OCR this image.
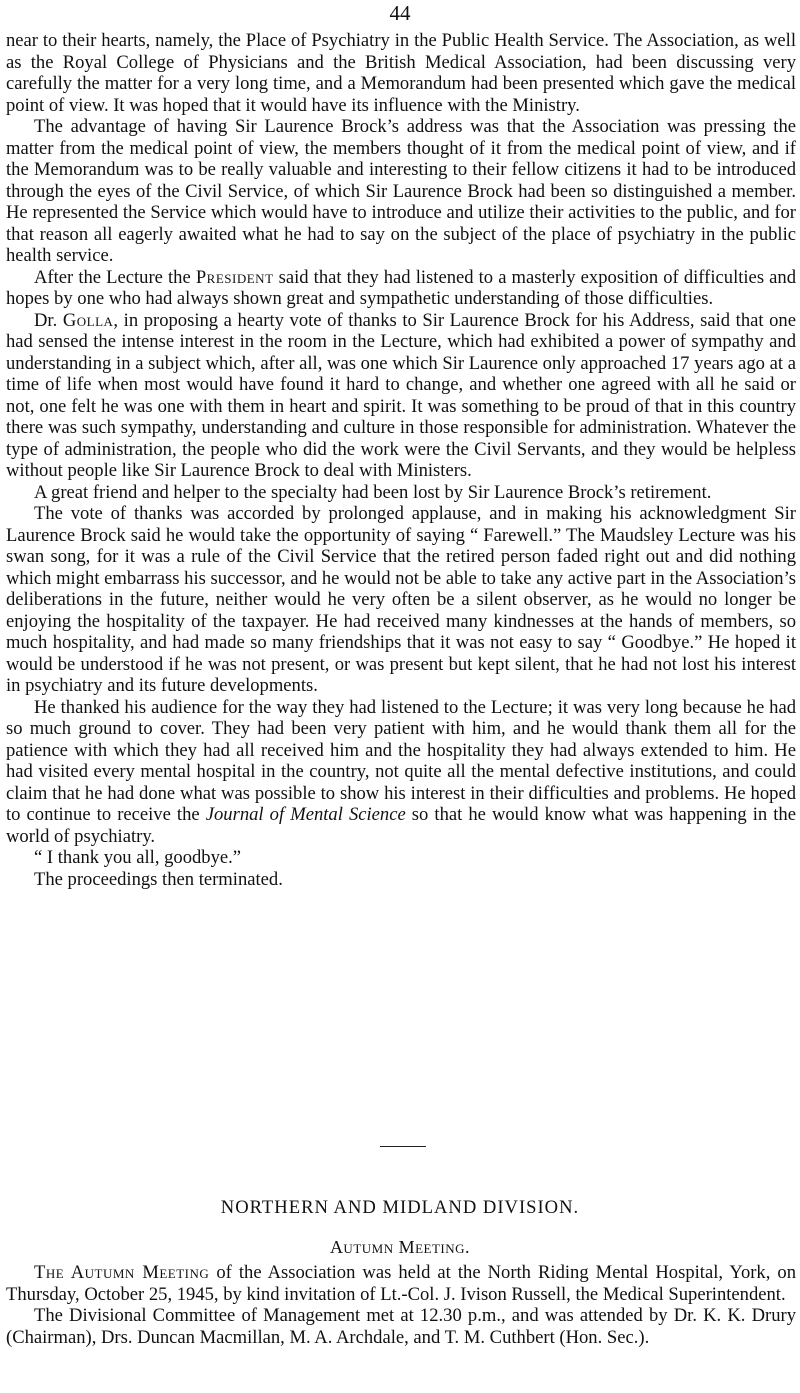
44

near to their hearts, namely, the Place of Psychiatry in the Public Health Service. The Association, as well as the Royal College of Physicians and the British Medical Association, had been discussing very carefully the matter for a very long time, and a Memorandum had been presented which gave the medical point of view. It was hoped that it would have its influence with the Ministry.

The advantage of having Sir Laurence Brock’s address was that the Association was pressing the matter from the medical point of view, the members thought of it from the medical point of view, and if the Memorandum was to be really valuable and interesting to their fellow citizens it had to be introduced through the eyes of the Civil Service, of which Sir Laurence Brock had been so distinguished a member. He represented the Service which would have to introduce and utilize their activities to the public, and for that reason all eagerly awaited what he had to say on the subject of the place of psychiatry in the public health service.

After the Lecture the President said that they had listened to a masterly exposition of difficulties and hopes by one who had always shown great and sympathetic understanding of those difficulties.

Dr. Golla, in proposing a hearty vote of thanks to Sir Laurence Brock for his Address, said that one had sensed the intense interest in the room in the Lecture, which had exhibited a power of sympathy and understanding in a subject which, after all, was one which Sir Laurence only approached 17 years ago at a time of life when most would have found it hard to change, and whether one agreed with all he said or not, one felt he was one with them in heart and spirit. It was something to be proud of that in this country there was such sympathy, understanding and culture in those responsible for administration. Whatever the type of administration, the people who did the work were the Civil Servants, and they would be helpless without people like Sir Laurence Brock to deal with Ministers.

A great friend and helper to the specialty had been lost by Sir Laurence Brock’s retirement.

The vote of thanks was accorded by prolonged applause, and in making his acknowledgment Sir Laurence Brock said he would take the opportunity of saying “ Farewell.” The Maudsley Lecture was his swan song, for it was a rule of the Civil Service that the retired person faded right out and did nothing which might embarrass his successor, and he would not be able to take any active part in the Association’s deliberations in the future, neither would he very often be a silent observer, as he would no longer be enjoying the hospitality of the taxpayer. He had received many kindnesses at the hands of members, so much hospitality, and had made so many friendships that it was not easy to say “ Goodbye.” He hoped it would be understood if he was not present, or was present but kept silent, that he had not lost his interest in psychiatry and its future developments.

He thanked his audience for the way they had listened to the Lecture; it was very long because he had so much ground to cover. They had been very patient with him, and he would thank them all for the patience with which they had all received him and the hospitality they had always extended to him. He had visited every mental hospital in the country, not quite all the mental defective institutions, and could claim that he had done what was possible to show his interest in their difficulties and problems. He hoped to continue to receive the Journal of Mental Science so that he would know what was happening in the world of psychiatry.

“ I thank you all, goodbye.”

The proceedings then terminated.

NORTHERN AND MIDLAND DIVISION.
Autumn Meeting.

The Autumn Meeting of the Association was held at the North Riding Mental Hospital, York, on Thursday, October 25, 1945, by kind invitation of Lt.-Col. J. Ivison Russell, the Medical Superintendent.

The Divisional Committee of Management met at 12.30 p.m., and was attended by Dr. K. K. Drury (Chairman), Drs. Duncan Macmillan, M. A. Archdale, and T. M. Cuthbert (Hon. Sec.).
